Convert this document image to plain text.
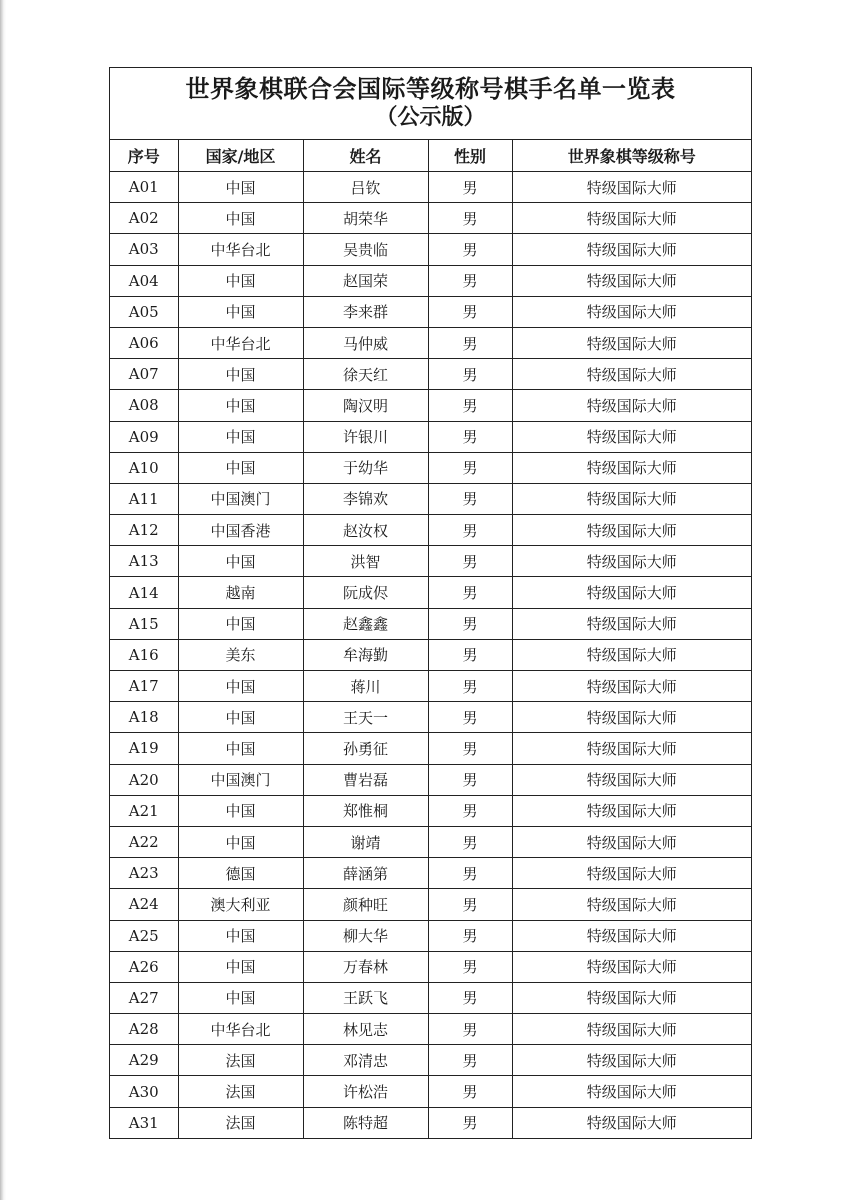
世界象棋联合会国际等级称号棋手名单一览表
（公示版）
序号	国家/地区	姓名	性别	世界象棋等级称号
A01	中国	吕钦	男	特级国际大师
A02	中国	胡荣华	男	特级国际大师
A03	中华台北	吴贵临	男	特级国际大师
A04	中国	赵国荣	男	特级国际大师
A05	中国	李来群	男	特级国际大师
A06	中华台北	马仲威	男	特级国际大师
A07	中国	徐天红	男	特级国际大师
A08	中国	陶汉明	男	特级国际大师
A09	中国	许银川	男	特级国际大师
A10	中国	于幼华	男	特级国际大师
A11	中国澳门	李锦欢	男	特级国际大师
A12	中国香港	赵汝权	男	特级国际大师
A13	中国	洪智	男	特级国际大师
A14	越南	阮成侭	男	特级国际大师
A15	中国	赵鑫鑫	男	特级国际大师
A16	美东	牟海勤	男	特级国际大师
A17	中国	蒋川	男	特级国际大师
A18	中国	王天一	男	特级国际大师
A19	中国	孙勇征	男	特级国际大师
A20	中国澳门	曹岩磊	男	特级国际大师
A21	中国	郑惟桐	男	特级国际大师
A22	中国	谢靖	男	特级国际大师
A23	德国	薛涵第	男	特级国际大师
A24	澳大利亚	颜种旺	男	特级国际大师
A25	中国	柳大华	男	特级国际大师
A26	中国	万春林	男	特级国际大师
A27	中国	王跃飞	男	特级国际大师
A28	中华台北	林见志	男	特级国际大师
A29	法国	邓清忠	男	特级国际大师
A30	法国	许松浩	男	特级国际大师
A31	法国	陈特超	男	特级国际大师
